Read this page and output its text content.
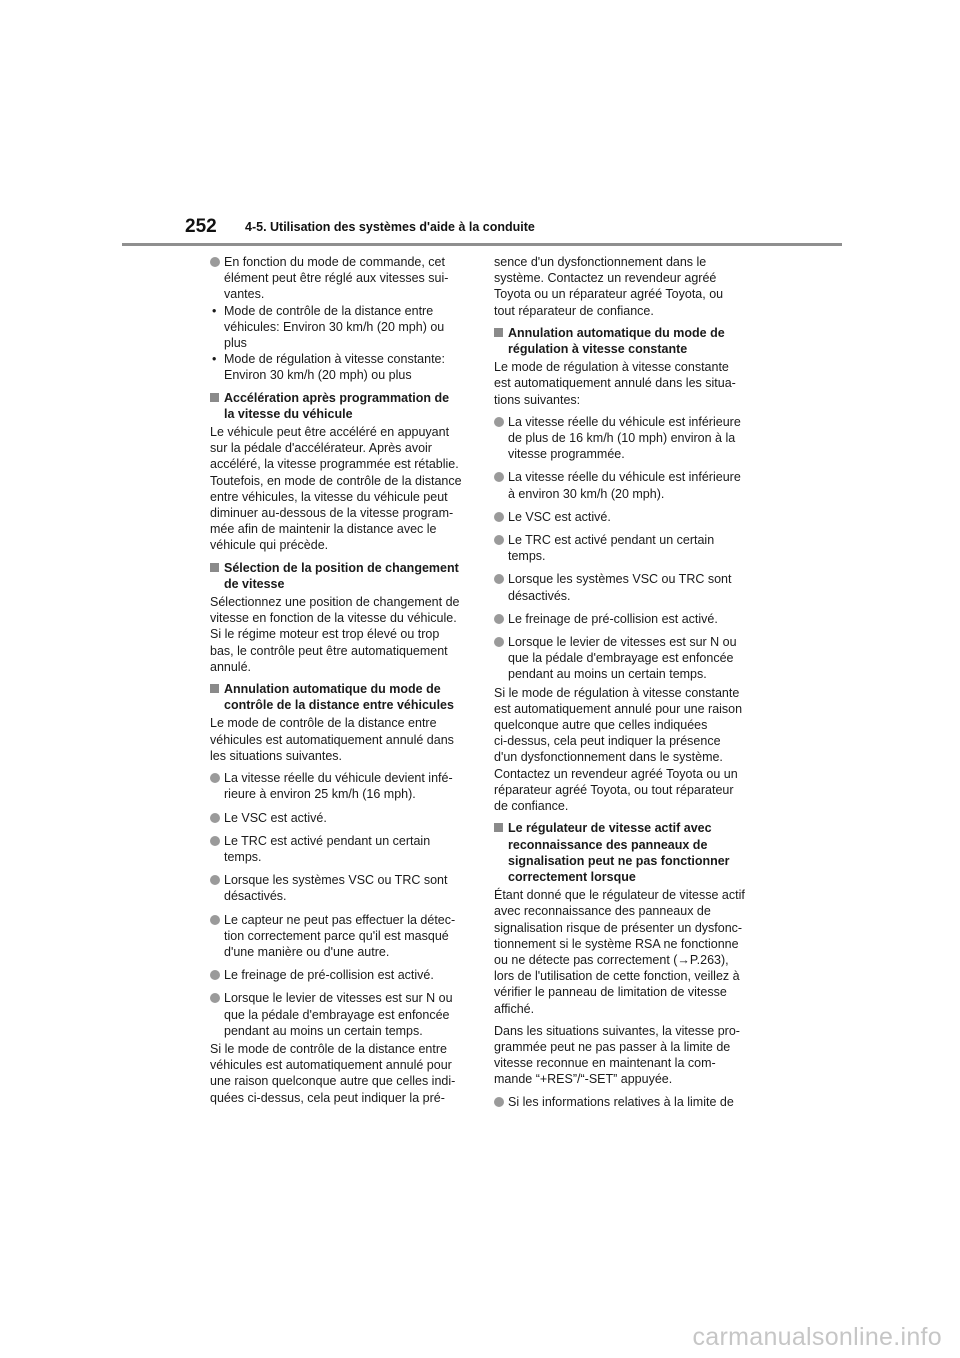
252 4-5. Utilisation des systèmes d'aide à la conduite
En fonction du mode de commande, cet
élément peut être réglé aux vitesses sui-
vantes.
• Mode de contrôle de la distance entre
véhicules: Environ 30 km/h (20 mph) ou
plus
• Mode de régulation à vitesse constante:
Environ 30 km/h (20 mph) ou plus
Accélération après programmation de
la vitesse du véhicule
Le véhicule peut être accéléré en appuyant
sur la pédale d'accélérateur. Après avoir
accéléré, la vitesse programmée est rétablie.
Toutefois, en mode de contrôle de la distance
entre véhicules, la vitesse du véhicule peut
diminuer au-dessous de la vitesse program-
mée afin de maintenir la distance avec le
véhicule qui précède.
Sélection de la position de changement
de vitesse
Sélectionnez une position de changement de
vitesse en fonction de la vitesse du véhicule.
Si le régime moteur est trop élevé ou trop
bas, le contrôle peut être automatiquement
annulé.
Annulation automatique du mode de
contrôle de la distance entre véhicules
Le mode de contrôle de la distance entre
véhicules est automatiquement annulé dans
les situations suivantes.
La vitesse réelle du véhicule devient infé-
rieure à environ 25 km/h (16 mph).
Le VSC est activé.
Le TRC est activé pendant un certain
temps.
Lorsque les systèmes VSC ou TRC sont
désactivés.
Le capteur ne peut pas effectuer la détec-
tion correctement parce qu'il est masqué
d'une manière ou d'une autre.
Le freinage de pré-collision est activé.
Lorsque le levier de vitesses est sur N ou
que la pédale d'embrayage est enfoncée
pendant au moins un certain temps.
Si le mode de contrôle de la distance entre
véhicules est automatiquement annulé pour
une raison quelconque autre que celles indi-
quées ci-dessus, cela peut indiquer la pré-
sence d'un dysfonctionnement dans le
système. Contactez un revendeur agréé
Toyota ou un réparateur agréé Toyota, ou
tout réparateur de confiance.
Annulation automatique du mode de
régulation à vitesse constante
Le mode de régulation à vitesse constante
est automatiquement annulé dans les situa-
tions suivantes:
La vitesse réelle du véhicule est inférieure
de plus de 16 km/h (10 mph) environ à la
vitesse programmée.
La vitesse réelle du véhicule est inférieure
à environ 30 km/h (20 mph).
Le VSC est activé.
Le TRC est activé pendant un certain
temps.
Lorsque les systèmes VSC ou TRC sont
désactivés.
Le freinage de pré-collision est activé.
Lorsque le levier de vitesses est sur N ou
que la pédale d'embrayage est enfoncée
pendant au moins un certain temps.
Si le mode de régulation à vitesse constante
est automatiquement annulé pour une raison
quelconque autre que celles indiquées
ci-dessus, cela peut indiquer la présence
d'un dysfonctionnement dans le système.
Contactez un revendeur agréé Toyota ou un
réparateur agréé Toyota, ou tout réparateur
de confiance.
Le régulateur de vitesse actif avec
reconnaissance des panneaux de
signalisation peut ne pas fonctionner
correctement lorsque
Étant donné que le régulateur de vitesse actif
avec reconnaissance des panneaux de
signalisation risque de présenter un dysfonc-
tionnement si le système RSA ne fonctionne
ou ne détecte pas correctement (→P.263),
lors de l'utilisation de cette fonction, veillez à
vérifier le panneau de limitation de vitesse
affiché.
Dans les situations suivantes, la vitesse pro-
grammée peut ne pas passer à la limite de
vitesse reconnue en maintenant la com-
mande “+RES”/“-SET” appuyée.
Si les informations relatives à la limite de
carmanualsonline.info
